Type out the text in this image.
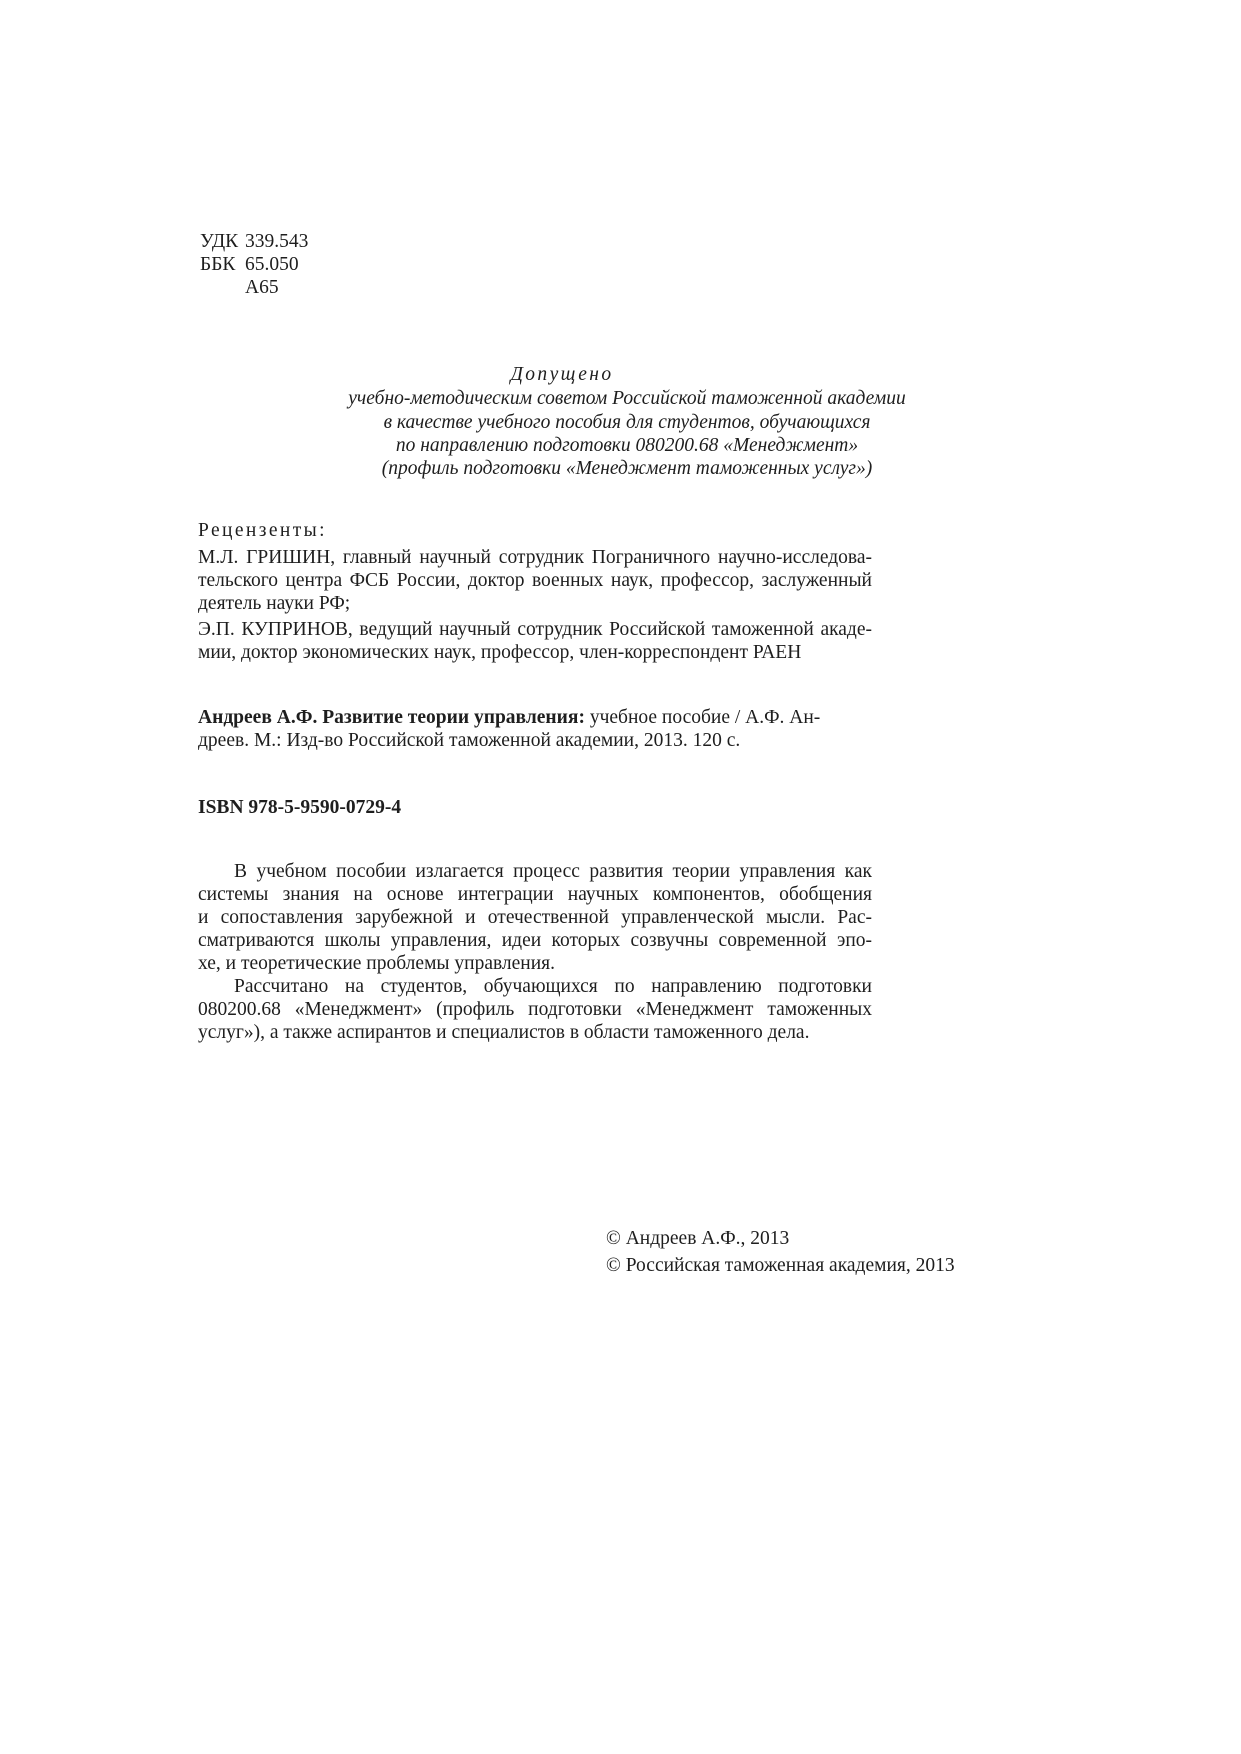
УДК 339.543
ББК 65.050
А65
Допущено
учебно-методическим советом Российской таможенной академии
в качестве учебного пособия для студентов, обучающихся
по направлению подготовки 080200.68 «Менеджмент»
(профиль подготовки «Менеджмент таможенных услуг»)
Рецензенты:
М.Л. ГРИШИН, главный научный сотрудник Пограничного научно-исследова-
тельского центра ФСБ России, доктор военных наук, профессор, заслуженный
деятель науки РФ;
Э.П. КУПРИНОВ, ведущий научный сотрудник Российской таможенной акаде-
мии, доктор экономических наук, профессор, член-корреспондент РАЕН
Андреев А.Ф. Развитие теории управления: учебное пособие / А.Ф. Ан-
дреев. М.: Изд-во Российской таможенной академии, 2013. 120 с.
ISBN 978-5-9590-0729-4
В учебном пособии излагается процесс развития теории управления как
системы знания на основе интеграции научных компонентов, обобщения
и сопоставления зарубежной и отечественной управленческой мысли. Рас-
сматриваются школы управления, идеи которых созвучны современной эпо-
хе, и теоретические проблемы управления.
Рассчитано на студентов, обучающихся по направлению подготовки
080200.68 «Менеджмент» (профиль подготовки «Менеджмент таможенных
услуг»), а также аспирантов и специалистов в области таможенного дела.
© Андреев А.Ф., 2013
© Российская таможенная академия, 2013
